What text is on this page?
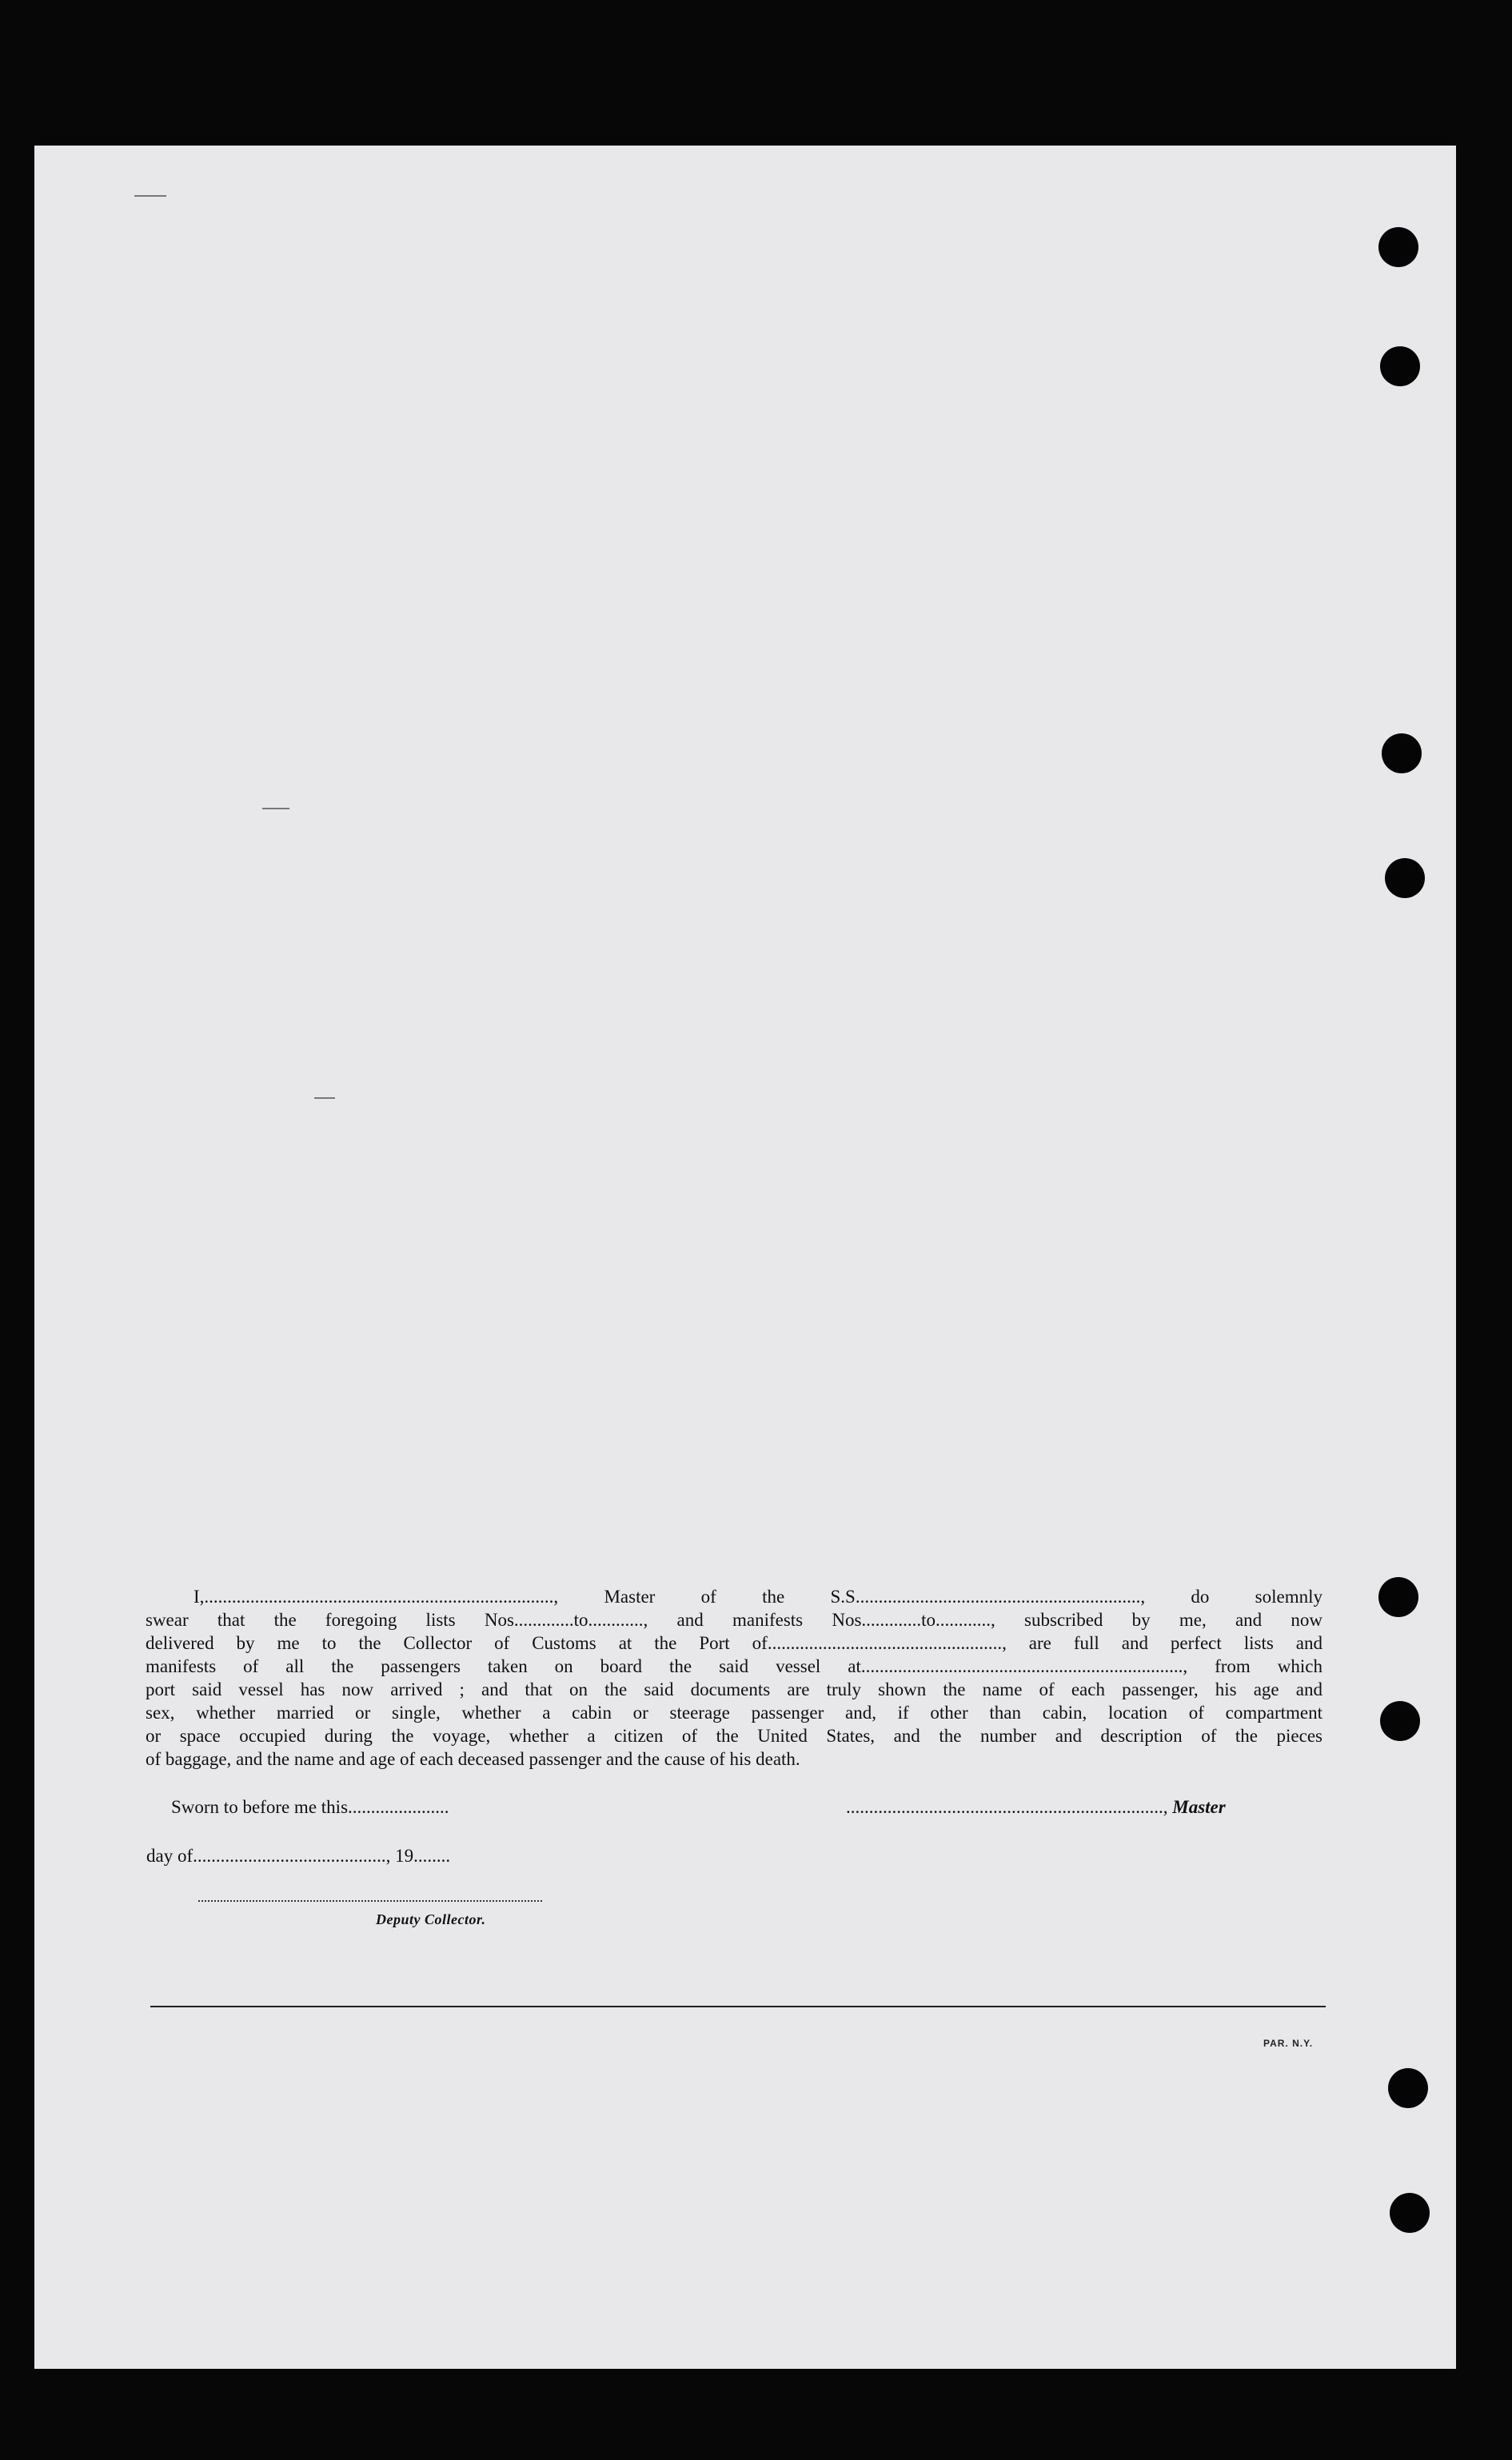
I,............................................................................, Master of the S.S.............................................................., do solemnly
swear that the foregoing lists Nos.............to............, and manifests Nos.............to............, subscribed by me, and now
delivered by me to the Collector of Customs at the Port of..................................................., are full and perfect lists and
manifests of all the passengers taken on board the said vessel at......................................................................, from which
port said vessel has now arrived ; and that on the said documents are truly shown the name of each passenger, his age and
sex, whether married or single, whether a cabin or steerage passenger and, if other than cabin, location of compartment
or space occupied during the voyage, whether a citizen of the United States, and the number and description of the pieces
of baggage, and the name and age of each deceased passenger and the cause of his death.
Sworn to before me this......................	....................................................................., Master
day of.........................................., 19........
Deputy Collector.
PAR. N.Y.
